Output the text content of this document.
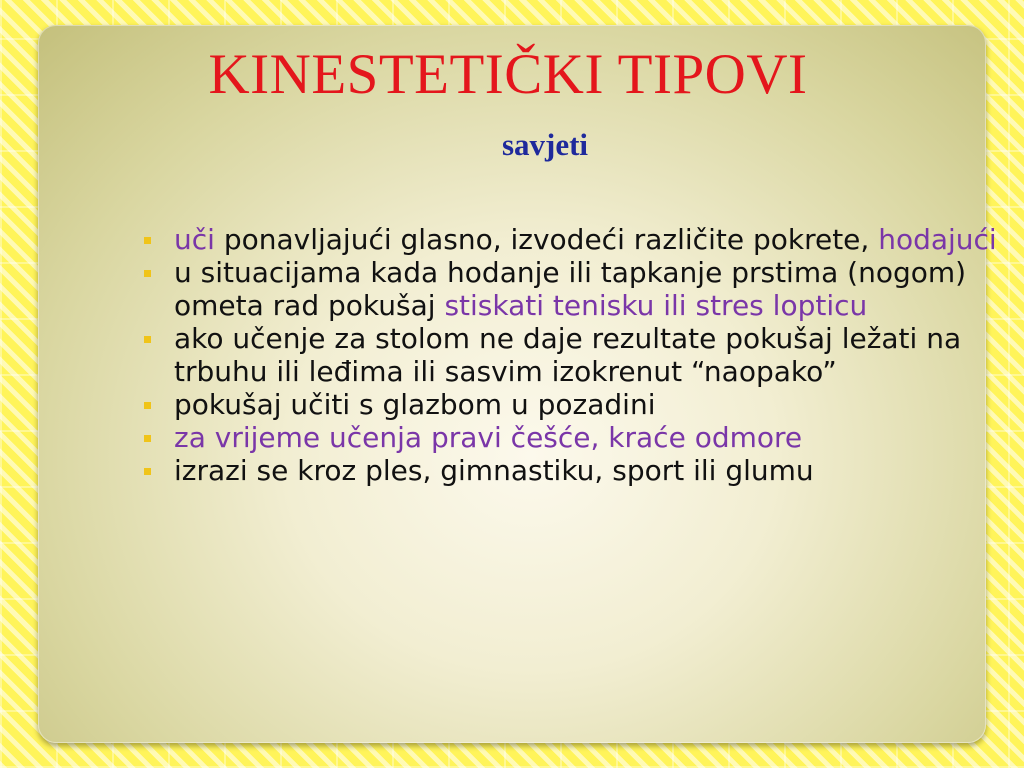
KINESTETIČKI TIPOVI
savjeti
uči ponavljajući glasno, izvodeći različite pokrete, hodajući
u situacijama kada hodanje ili tapkanje prstima (nogom) ometa rad pokušaj stiskati tenisku ili stres lopticu
ako učenje za stolom ne daje rezultate pokušaj ležati na trbuhu ili leđima ili sasvim izokrenut “naopako”
pokušaj učiti s glazbom u pozadini
za vrijeme učenja pravi češće, kraće odmore
izrazi se kroz ples, gimnastiku, sport ili glumu
